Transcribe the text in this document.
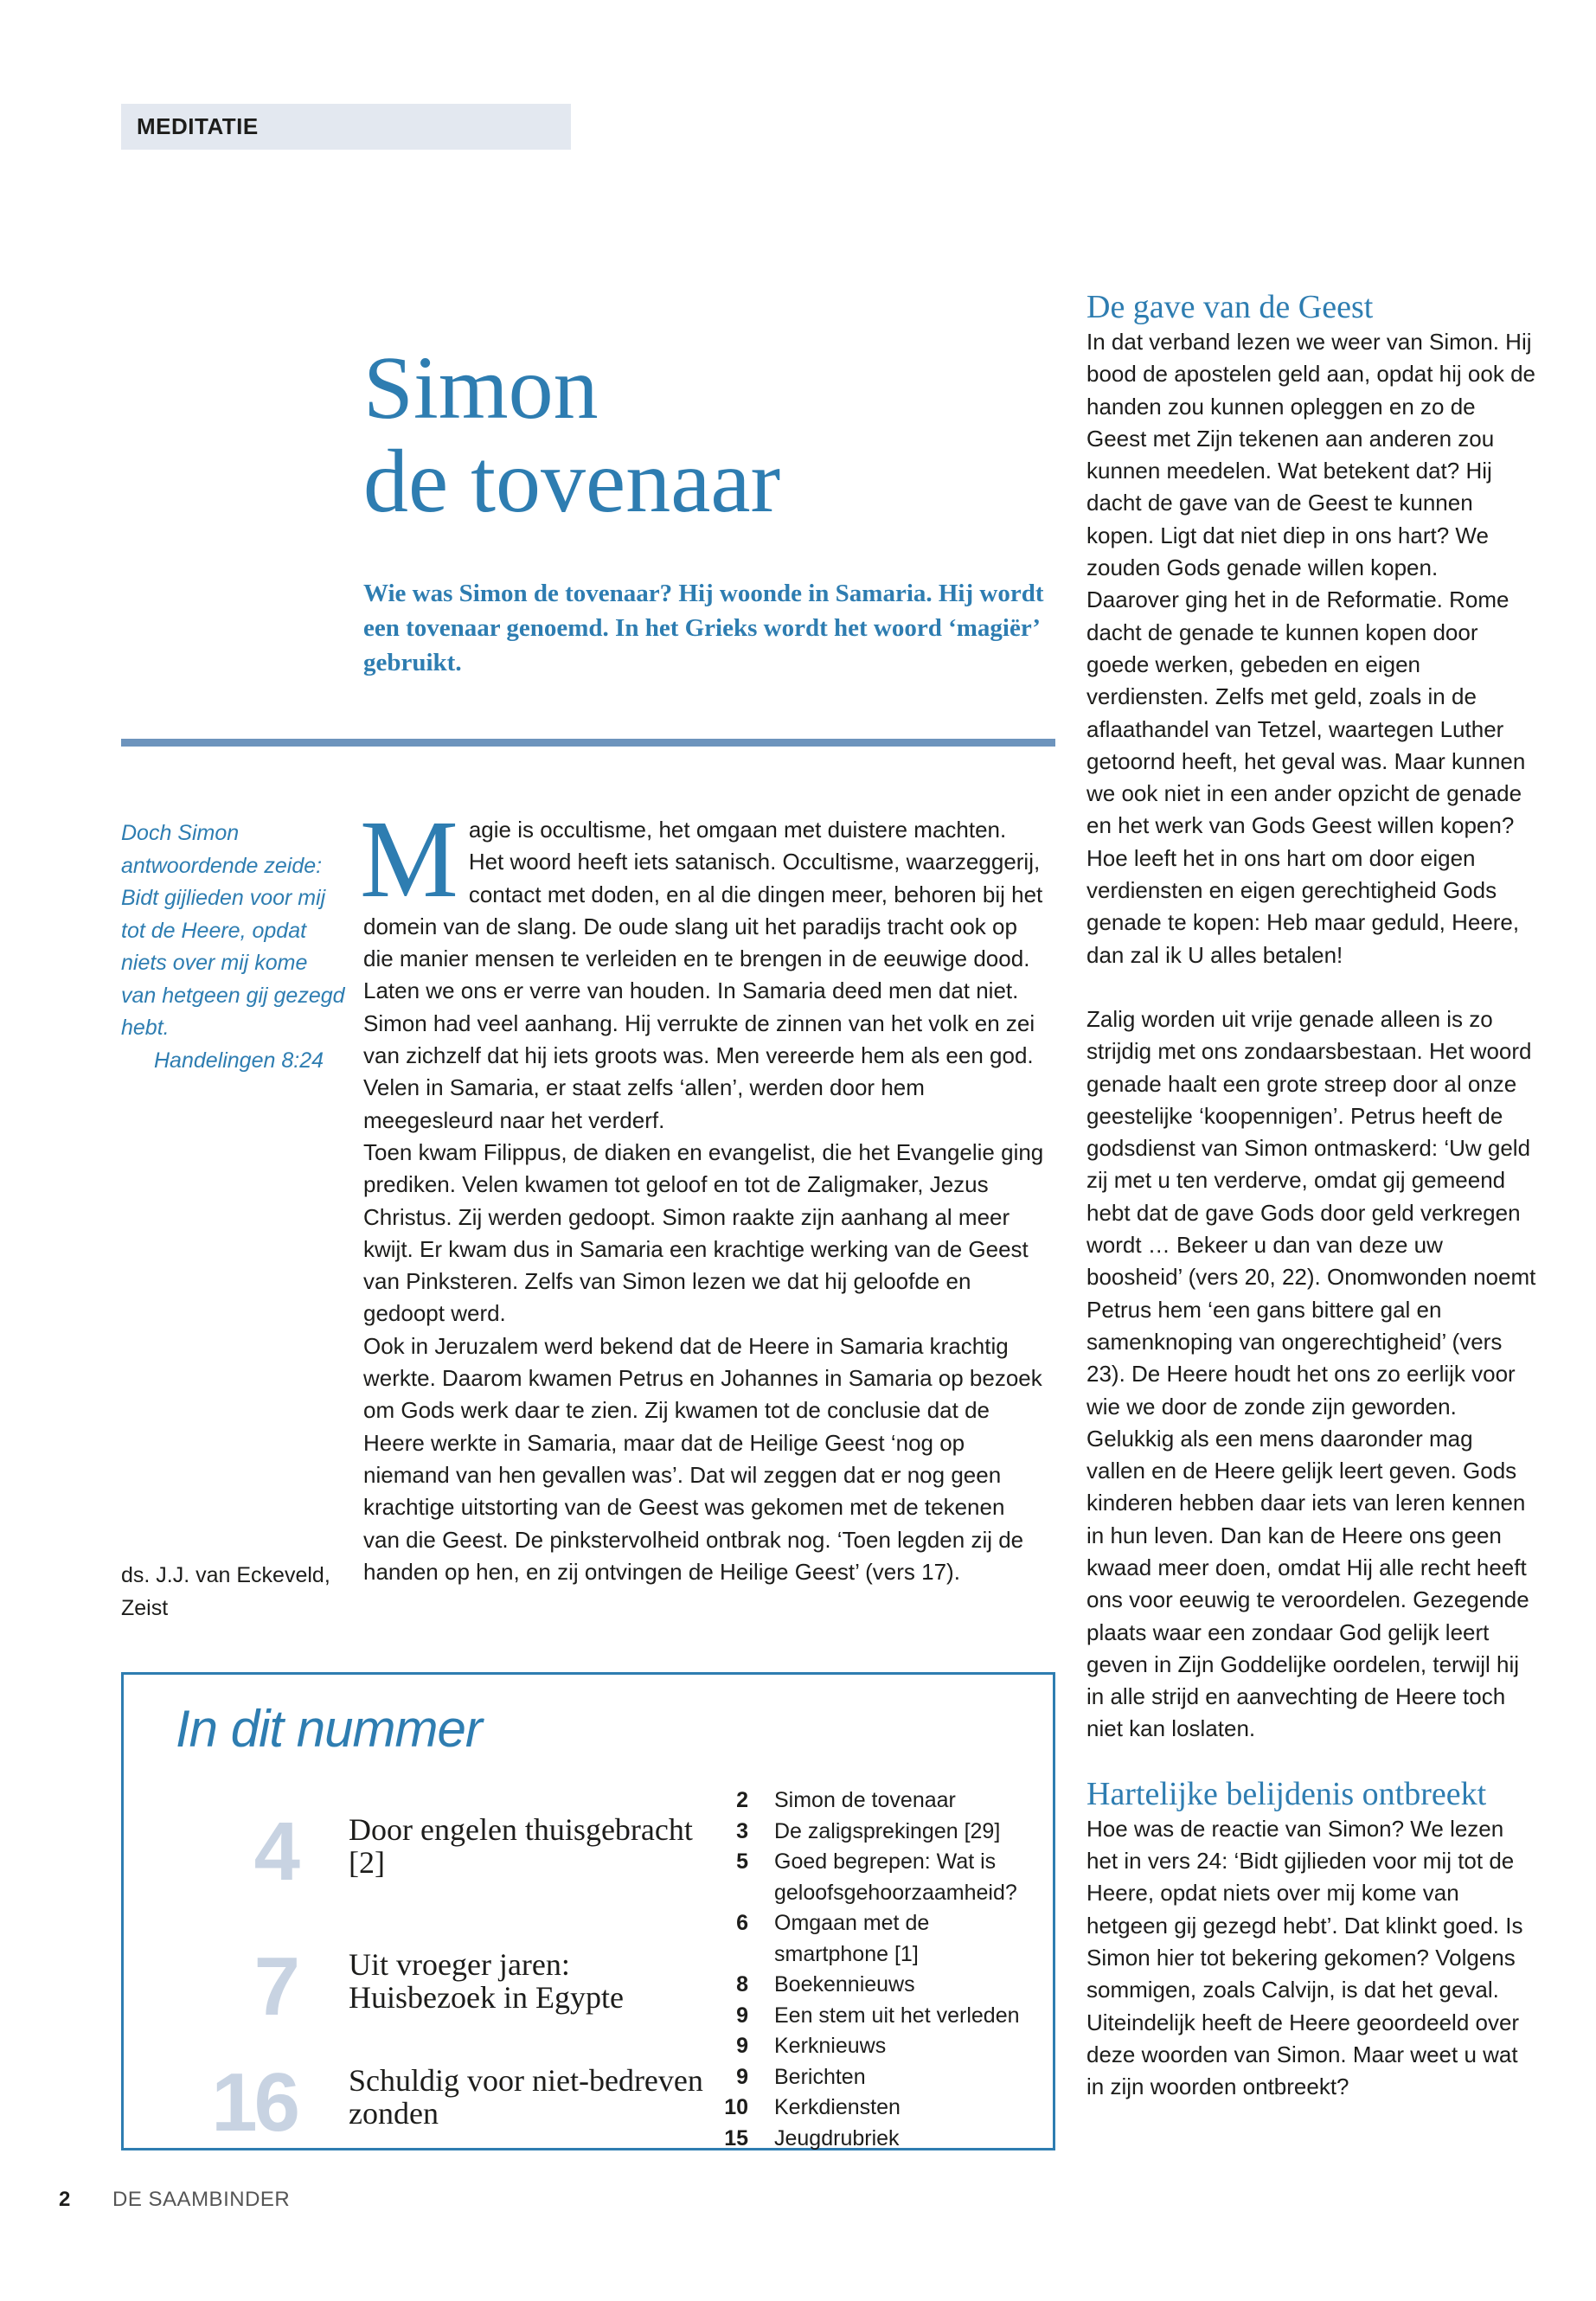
MEDITATIE
Simon
de tovenaar
Wie was Simon de tovenaar? Hij woonde in Samaria. Hij wordt een tovenaar genoemd. In het Grieks wordt het woord ‘magiër’ gebruikt.
Doch Simon antwoordende zeide: Bidt gijlieden voor mij tot de Heere, opdat niets over mij kome van hetgeen gij gezegd hebt.
Handelingen 8:24
ds. J.J. van Eckeveld,
Zeist

Magie is occultisme, het omgaan met duistere machten. Het woord heeft iets satanisch. Occultisme, waarzeggerij, contact met doden, en al die dingen meer, behoren bij het domein van de slang. De oude slang uit het paradijs tracht ook op die manier mensen te verleiden en te brengen in de eeuwige dood. Laten we ons er verre van houden. In Samaria deed men dat niet.

Simon had veel aanhang. Hij verrukte de zinnen van het volk en zei van zichzelf dat hij iets groots was. Men vereerde hem als een god. Velen in Samaria, er staat zelfs ‘allen’, werden door hem meegesleurd naar het verderf.

Toen kwam Filippus, de diaken en evangelist, die het Evangelie ging prediken. Velen kwamen tot geloof en tot de Zaligmaker, Jezus Christus. Zij werden gedoopt. Simon raakte zijn aanhang al meer kwijt. Er kwam dus in Samaria een krachtige werking van de Geest van Pinksteren. Zelfs van Simon lezen we dat hij geloofde en gedoopt werd.

Ook in Jeruzalem werd bekend dat de Heere in Samaria krachtig werkte. Daarom kwamen Petrus en Johannes in Samaria op bezoek om Gods werk daar te zien. Zij kwamen tot de conclusie dat de Heere werkte in Samaria, maar dat de Heilige Geest ‘nog op niemand van hen gevallen was’. Dat wil zeggen dat er nog geen krachtige uitstorting van de Geest was gekomen met de tekenen van die Geest. De pinkstervolheid ontbrak nog. ‘Toen legden zij de handen op hen, en zij ontvingen de Heilige Geest’ (vers 17).

De gave van de Geest

In dat verband lezen we weer van Simon. Hij bood de apostelen geld aan, opdat hij ook de handen zou kunnen opleggen en zo de Geest met Zijn tekenen aan anderen zou kunnen meedelen. Wat betekent dat? Hij dacht de gave van de Geest te kunnen kopen. Ligt dat niet diep in ons hart? We zouden Gods genade willen kopen. Daarover ging het in de Reformatie. Rome dacht de genade te kunnen kopen door goede werken, gebeden en eigen verdiensten. Zelfs met geld, zoals in de aflaathandel van Tetzel, waartegen Luther getoornd heeft, het geval was. Maar kunnen we ook niet in een ander opzicht de genade en het werk van Gods Geest willen kopen? Hoe leeft het in ons hart om door eigen verdiensten en eigen gerechtigheid Gods genade te kopen: Heb maar geduld, Heere, dan zal ik U alles betalen!

Zalig worden uit vrije genade alleen is zo strijdig met ons zondaarsbestaan. Het woord genade haalt een grote streep door al onze geestelijke ‘koopennigen’. Petrus heeft de godsdienst van Simon ontmaskerd: ‘Uw geld zij met u ten verderve, omdat gij gemeend hebt dat de gave Gods door geld verkregen wordt … Bekeer u dan van deze uw boosheid’ (vers 20, 22). Onomwonden noemt Petrus hem ‘een gans bittere gal en samenknoping van ongerechtigheid’ (vers 23). De Heere houdt het ons zo eerlijk voor wie we door de zonde zijn geworden. Gelukkig als een mens daaronder mag vallen en de Heere gelijk leert geven. Gods kinderen hebben daar iets van leren kennen in hun leven. Dan kan de Heere ons geen kwaad meer doen, omdat Hij alle recht heeft ons voor eeuwig te veroordelen. Gezegende plaats waar een zondaar God gelijk leert geven in Zijn Goddelijke oordelen, terwijl hij in alle strijd en aanvechting de Heere toch niet kan loslaten.

Hartelijke belijdenis ontbreekt

Hoe was de reactie van Simon? We lezen het in vers 24: ‘Bidt gijlieden voor mij tot de Heere, opdat niets over mij kome van hetgeen gij gezegd hebt’. Dat klinkt goed. Is Simon hier tot bekering gekomen? Volgens sommigen, zoals Calvijn, is dat het geval. Uiteindelijk heeft de Heere geoordeeld over deze woorden van Simon. Maar weet u wat in zijn woorden ontbreekt?

In dit nummer
4 Door engelen thuisgebracht [2]
7 Uit vroeger jaren: Huisbezoek in Egypte
16 Schuldig voor niet-bedreven zonden
2	Simon de tovenaar
3	De zaligsprekingen [29]
5	Goed begrepen: Wat is geloofsgehoorzaamheid?
6	Omgaan met de smartphone [1]
8	Boekennieuws
9	Een stem uit het verleden
9	Kerknieuws
9	Berichten
10	Kerkdiensten
15	Jeugdrubriek
2 DE SAAMBINDER
